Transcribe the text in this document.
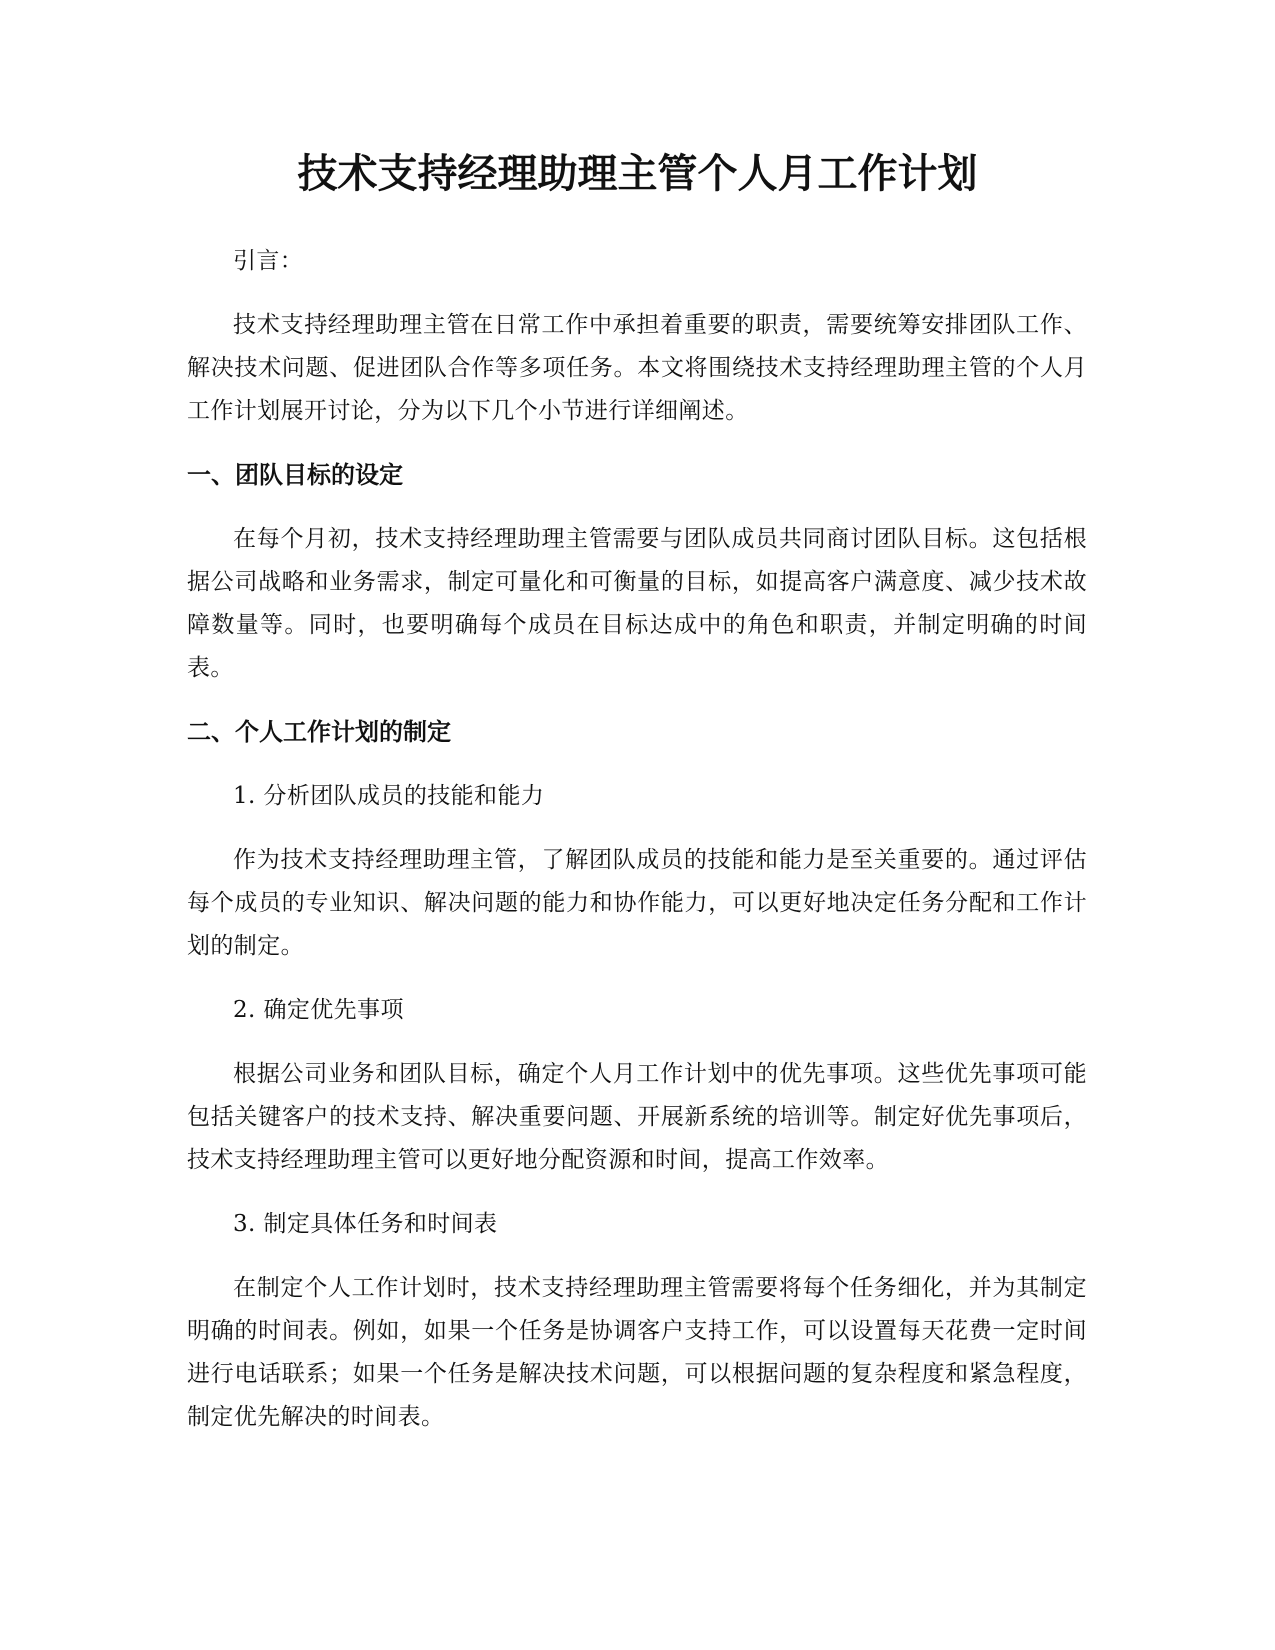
技术支持经理助理主管个人月工作计划

引言：

技术支持经理助理主管在日常工作中承担着重要的职责，需要统筹安排团队工作、解决技术问题、促进团队合作等多项任务。本文将围绕技术支持经理助理主管的个人月工作计划展开讨论，分为以下几个小节进行详细阐述。

一、团队目标的设定

在每个月初，技术支持经理助理主管需要与团队成员共同商讨团队目标。这包括根据公司战略和业务需求，制定可量化和可衡量的目标，如提高客户满意度、减少技术故障数量等。同时，也要明确每个成员在目标达成中的角色和职责，并制定明确的时间表。

二、个人工作计划的制定

1. 分析团队成员的技能和能力

作为技术支持经理助理主管，了解团队成员的技能和能力是至关重要的。通过评估每个成员的专业知识、解决问题的能力和协作能力，可以更好地决定任务分配和工作计划的制定。

2. 确定优先事项

根据公司业务和团队目标，确定个人月工作计划中的优先事项。这些优先事项可能包括关键客户的技术支持、解决重要问题、开展新系统的培训等。制定好优先事项后，技术支持经理助理主管可以更好地分配资源和时间，提高工作效率。

3. 制定具体任务和时间表

在制定个人工作计划时，技术支持经理助理主管需要将每个任务细化，并为其制定明确的时间表。例如，如果一个任务是协调客户支持工作，可以设置每天花费一定时间进行电话联系；如果一个任务是解决技术问题，可以根据问题的复杂程度和紧急程度，制定优先解决的时间表。
